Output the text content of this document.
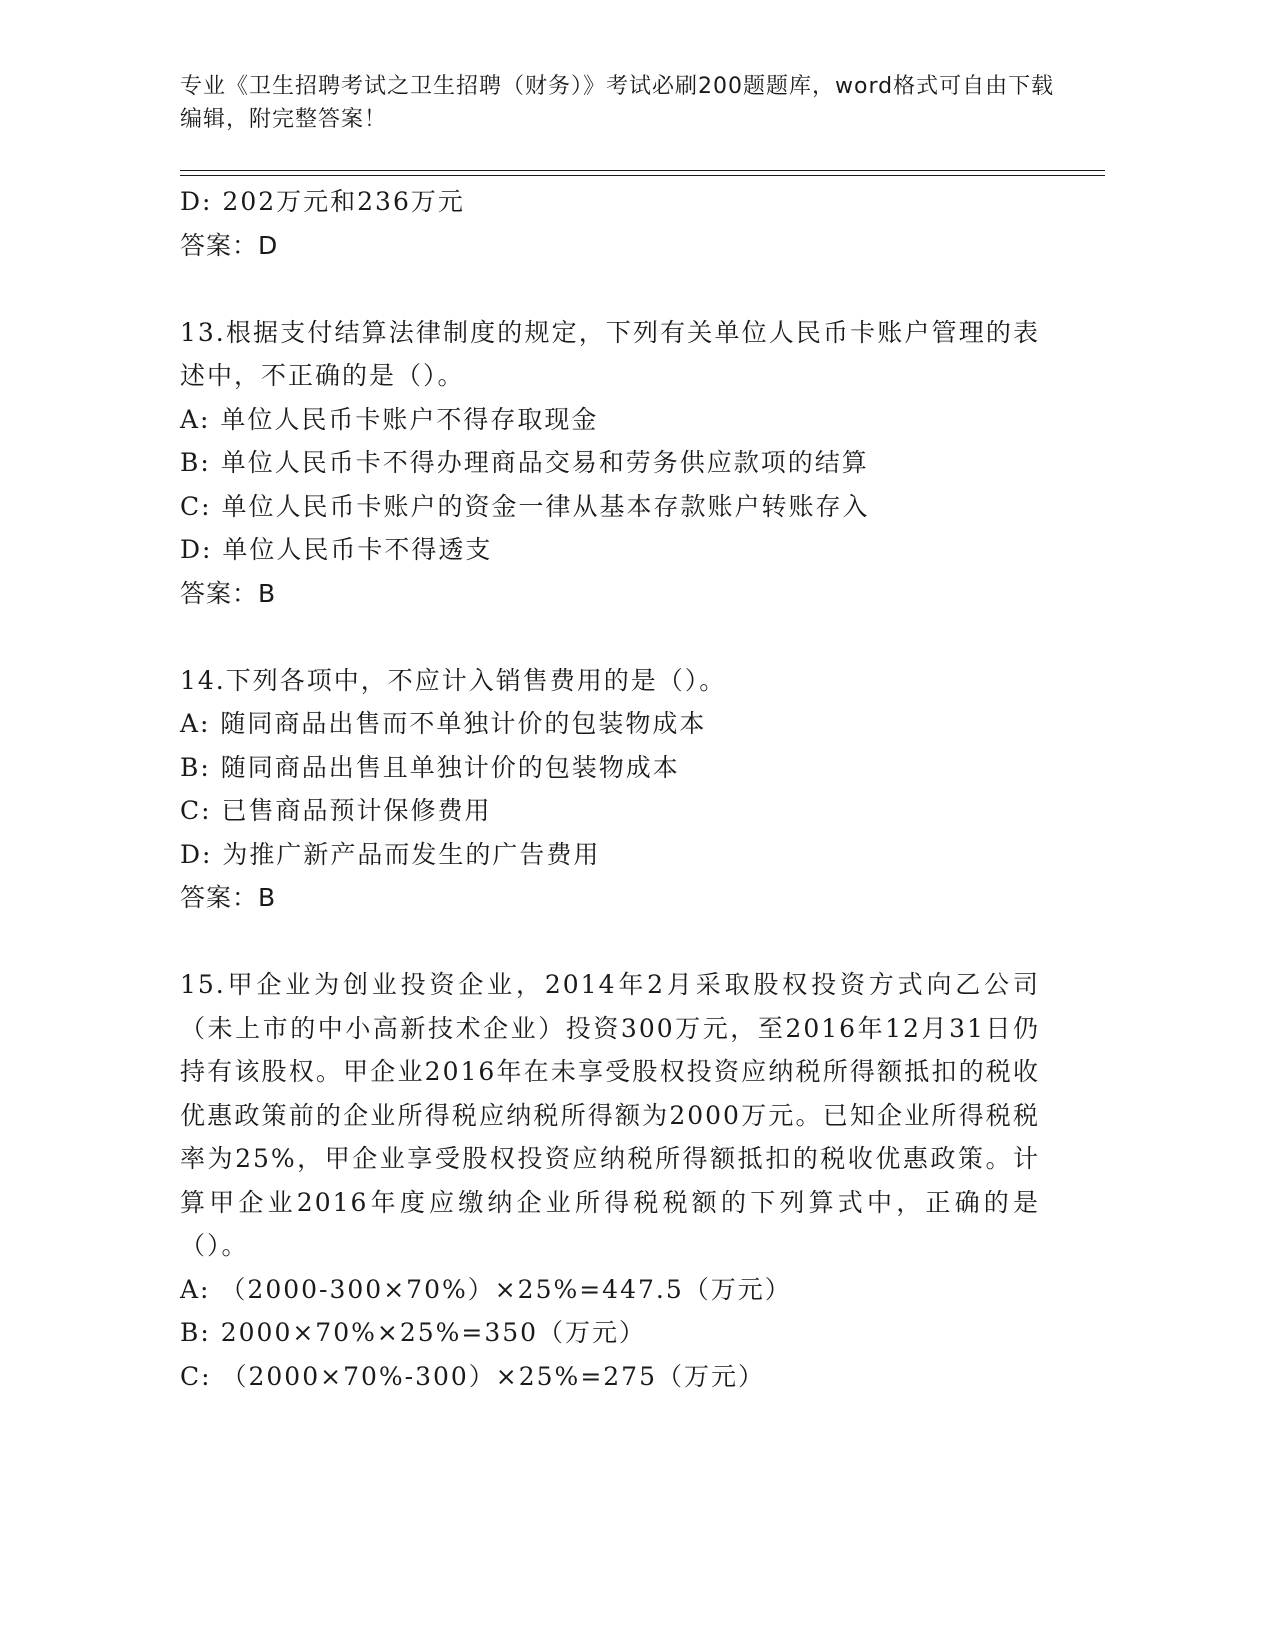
专业《卫生招聘考试之卫生招聘（财务）》考试必刷200题题库，word格式可自由下载编辑，附完整答案！
D: 202万元和236万元
答案：D
13.根据支付结算法律制度的规定，下列有关单位人民币卡账户管理的表述中，不正确的是（）。
A: 单位人民币卡账户不得存取现金
B: 单位人民币卡不得办理商品交易和劳务供应款项的结算
C: 单位人民币卡账户的资金一律从基本存款账户转账存入
D: 单位人民币卡不得透支
答案：B
14.下列各项中，不应计入销售费用的是（）。
A: 随同商品出售而不单独计价的包装物成本
B: 随同商品出售且单独计价的包装物成本
C: 已售商品预计保修费用
D: 为推广新产品而发生的广告费用
答案：B
15.甲企业为创业投资企业，2014年2月采取股权投资方式向乙公司（未上市的中小高新技术企业）投资300万元，至2016年12月31日仍持有该股权。甲企业2016年在未享受股权投资应纳税所得额抵扣的税收优惠政策前的企业所得税应纳税所得额为2000万元。已知企业所得税税率为25%，甲企业享受股权投资应纳税所得额抵扣的税收优惠政策。计算甲企业2016年度应缴纳企业所得税税额的下列算式中，正确的是（）。
A: （2000-300×70%）×25%=447.5（万元）
B: 2000×70%×25%=350（万元）
C: （2000×70%-300）×25%=275（万元）
